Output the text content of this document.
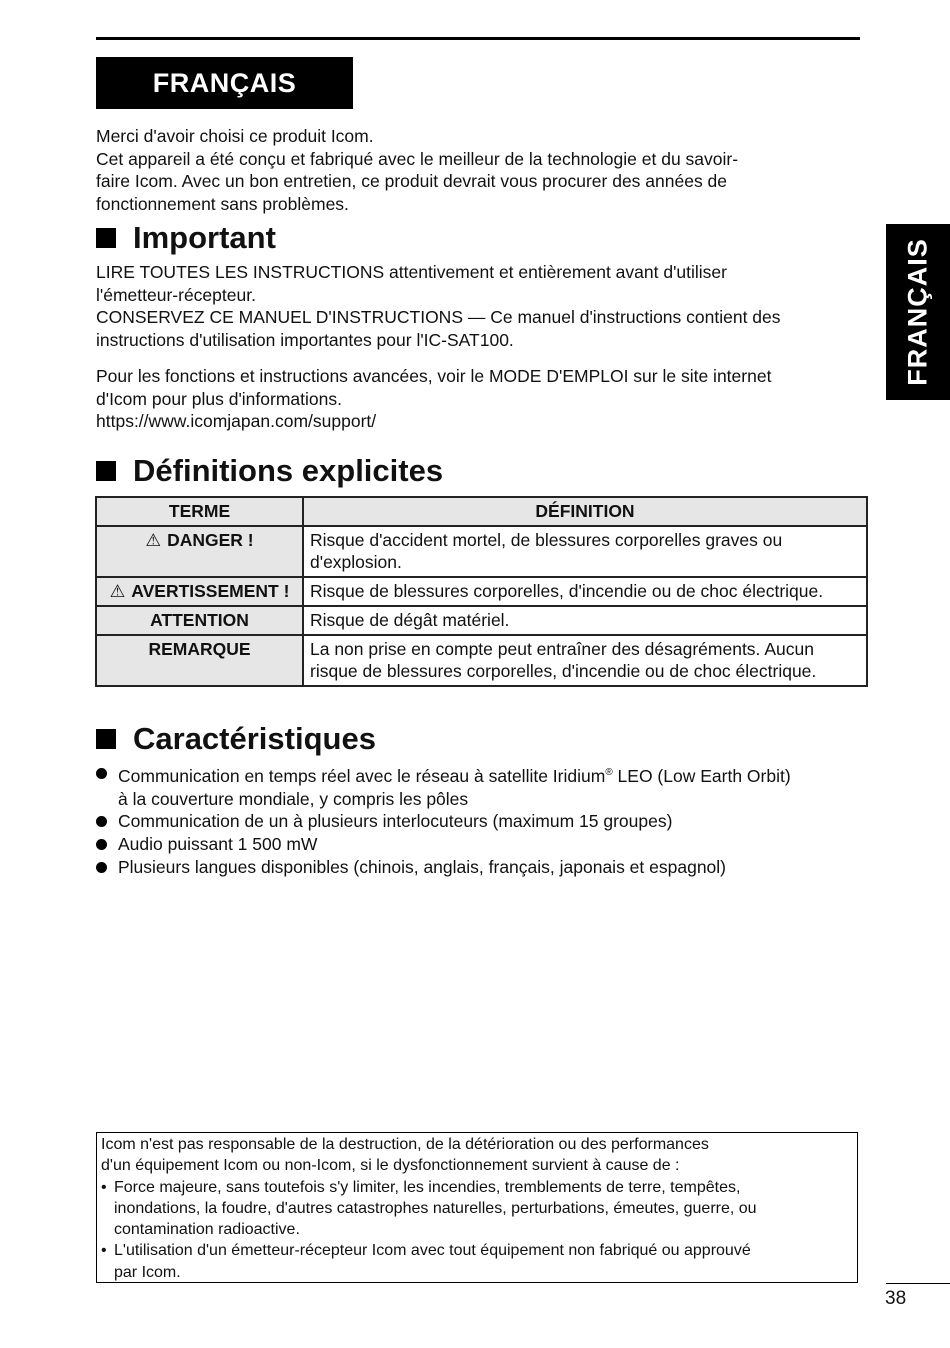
FRANÇAIS
FRANÇAIS
Merci d'avoir choisi ce produit Icom.
Cet appareil a été conçu et fabriqué avec le meilleur de la technologie et du savoir-
faire Icom. Avec un bon entretien, ce produit devrait vous procurer des années de
fonctionnement sans problèmes.
Important
LIRE TOUTES LES INSTRUCTIONS attentivement et entièrement avant d'utiliser
l'émetteur-récepteur.
CONSERVEZ CE MANUEL D'INSTRUCTIONS — Ce manuel d'instructions contient des
instructions d'utilisation importantes pour l'IC-SAT100.
Pour les fonctions et instructions avancées, voir le MODE D'EMPLOI sur le site internet
d'Icom pour plus d'informations.
https://www.icomjapan.com/support/
Définitions explicites
TERME	DÉFINITION
⚠ DANGER !	Risque d'accident mortel, de blessures corporelles graves ou
d'explosion.

⚠ AVERTISSEMENT !	Risque de blessures corporelles, d'incendie ou de choc électrique.

ATTENTION	Risque de dégât matériel.

REMARQUE	La non prise en compte peut entraîner des désagréments. Aucun
risque de blessures corporelles, d'incendie ou de choc électrique.
Caractéristiques
Communication en temps réel avec le réseau à satellite Iridium® LEO (Low Earth Orbit)
à la couverture mondiale, y compris les pôles
Communication de un à plusieurs interlocuteurs (maximum 15 groupes)
Audio puissant 1 500 mW
Plusieurs langues disponibles (chinois, anglais, français, japonais et espagnol)
Icom n'est pas responsable de la destruction, de la détérioration ou des performances
d'un équipement Icom ou non-Icom, si le dysfonctionnement survient à cause de :
• Force majeure, sans toutefois s'y limiter, les incendies, tremblements de terre, tempêtes,
inondations, la foudre, d'autres catastrophes naturelles, perturbations, émeutes, guerre, ou
contamination radioactive.
• L'utilisation d'un émetteur-récepteur Icom avec tout équipement non fabriqué ou approuvé
par Icom.
38
